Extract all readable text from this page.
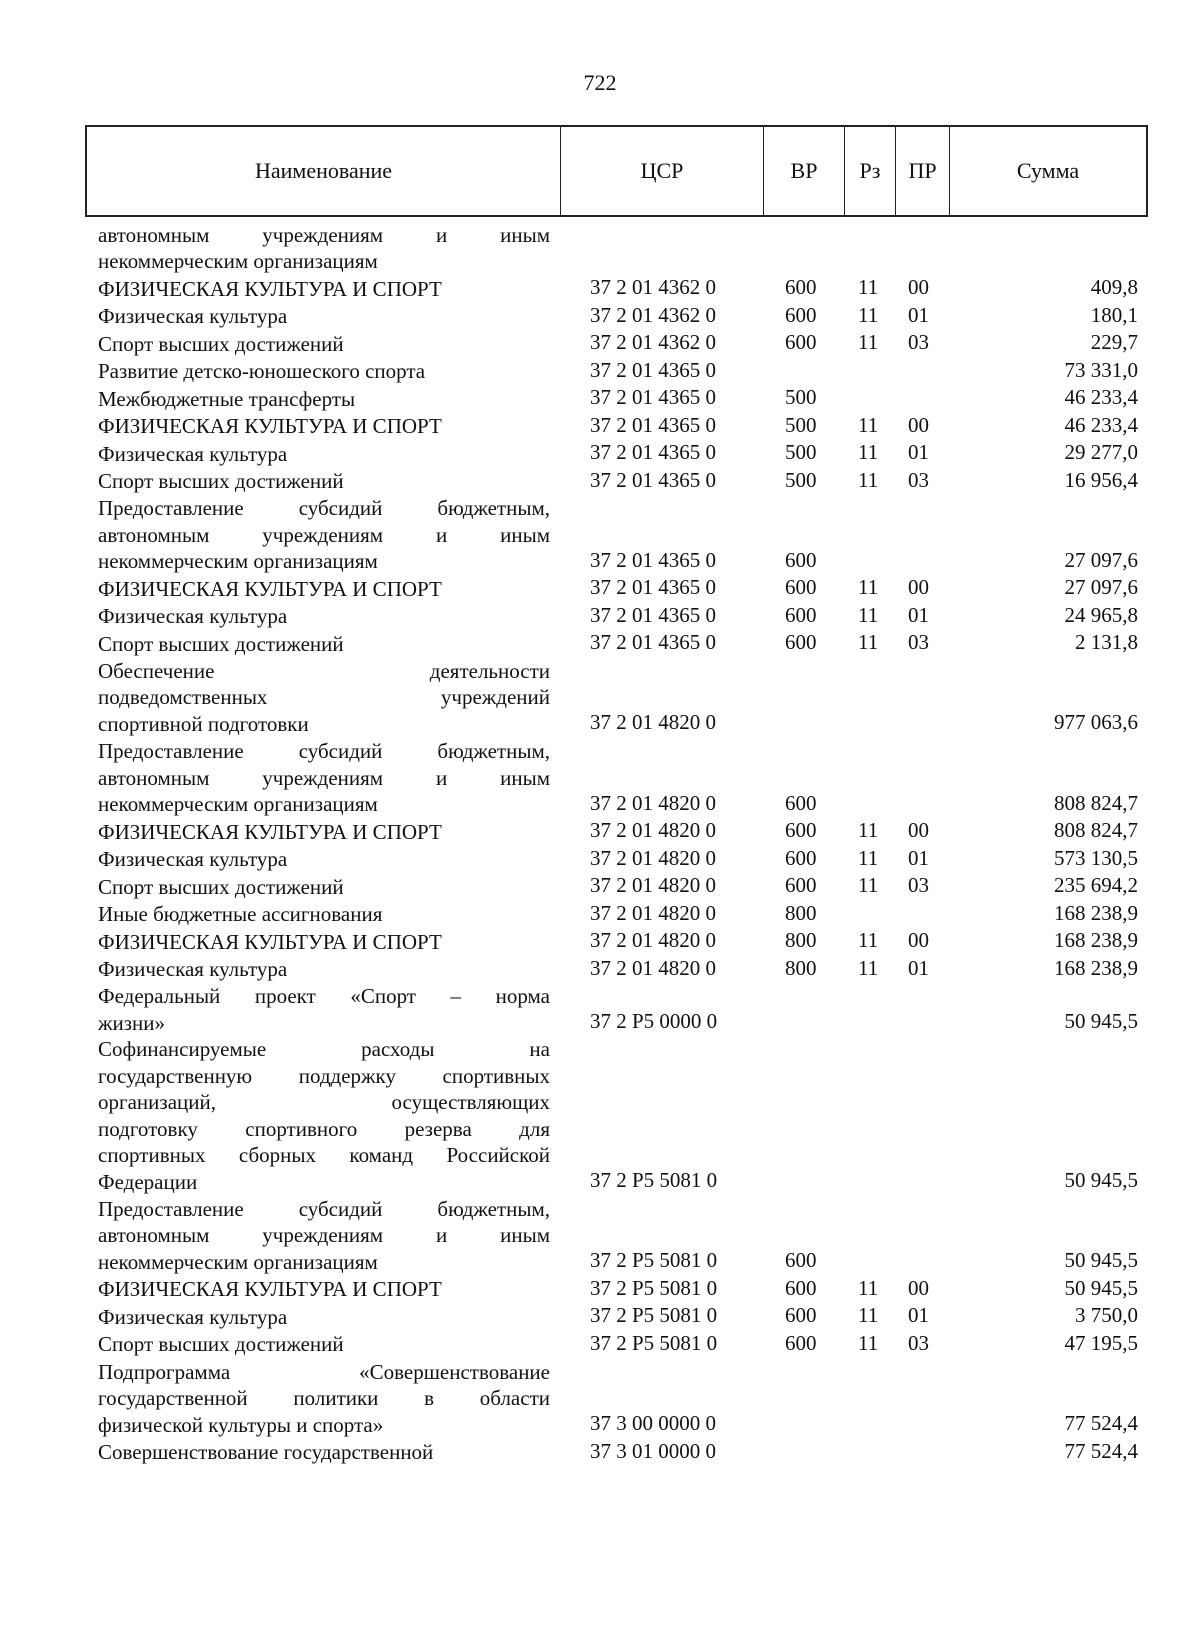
722
Наименование	ЦСР	ВР	Рз	ПР	Сумма
автономным учреждениям и иным
некоммерческим организациям
ФИЗИЧЕСКАЯ КУЛЬТУРА И СПОРТ	37 2 01 4362 0	600 11 00	409,8
Физическая культура	37 2 01 4362 0	600 11 01	180,1
Спорт высших достижений	37 2 01 4362 0	600 11 03	229,7
Развитие детско-юношеского спорта	37 2 01 4365 0	73 331,0
Межбюджетные трансферты	37 2 01 4365 0	500	46 233,4
ФИЗИЧЕСКАЯ КУЛЬТУРА И СПОРТ	37 2 01 4365 0	500 11 00	46 233,4
Физическая культура	37 2 01 4365 0	500 11 01	29 277,0
Спорт высших достижений	37 2 01 4365 0	500 11 03	16 956,4
Предоставление субсидий бюджетным,
автономным учреждениям и иным
некоммерческим организациям	37 2 01 4365 0	600	27 097,6
ФИЗИЧЕСКАЯ КУЛЬТУРА И СПОРТ	37 2 01 4365 0	600 11 00	27 097,6
Физическая культура	37 2 01 4365 0	600 11 01	24 965,8
Спорт высших достижений	37 2 01 4365 0	600 11 03	2 131,8
Обеспечение деятельности
подведомственных учреждений
спортивной подготовки	37 2 01 4820 0	977 063,6
Предоставление субсидий бюджетным,
автономным учреждениям и иным
некоммерческим организациям	37 2 01 4820 0	600	808 824,7
ФИЗИЧЕСКАЯ КУЛЬТУРА И СПОРТ	37 2 01 4820 0	600 11 00	808 824,7
Физическая культура	37 2 01 4820 0	600 11 01	573 130,5
Спорт высших достижений	37 2 01 4820 0	600 11 03	235 694,2
Иные бюджетные ассигнования	37 2 01 4820 0	800	168 238,9
ФИЗИЧЕСКАЯ КУЛЬТУРА И СПОРТ	37 2 01 4820 0	800 11 00	168 238,9
Физическая культура	37 2 01 4820 0	800 11 01	168 238,9
Федеральный проект «Спорт – норма
жизни»	37 2 P5 0000 0	50 945,5
Софинансируемые расходы на
государственную поддержку спортивных
организаций, осуществляющих
подготовку спортивного резерва для
спортивных сборных команд Российской
Федерации	37 2 P5 5081 0	50 945,5
Предоставление субсидий бюджетным,
автономным учреждениям и иным
некоммерческим организациям	37 2 P5 5081 0	600	50 945,5
ФИЗИЧЕСКАЯ КУЛЬТУРА И СПОРТ	37 2 P5 5081 0	600 11 00	50 945,5
Физическая культура	37 2 P5 5081 0	600 11 01	3 750,0
Спорт высших достижений	37 2 P5 5081 0	600 11 03	47 195,5
Подпрограмма «Совершенствование
государственной политики в области
физической культуры и спорта»	37 3 00 0000 0	77 524,4
Совершенствование государственной	37 3 01 0000 0	77 524,4
